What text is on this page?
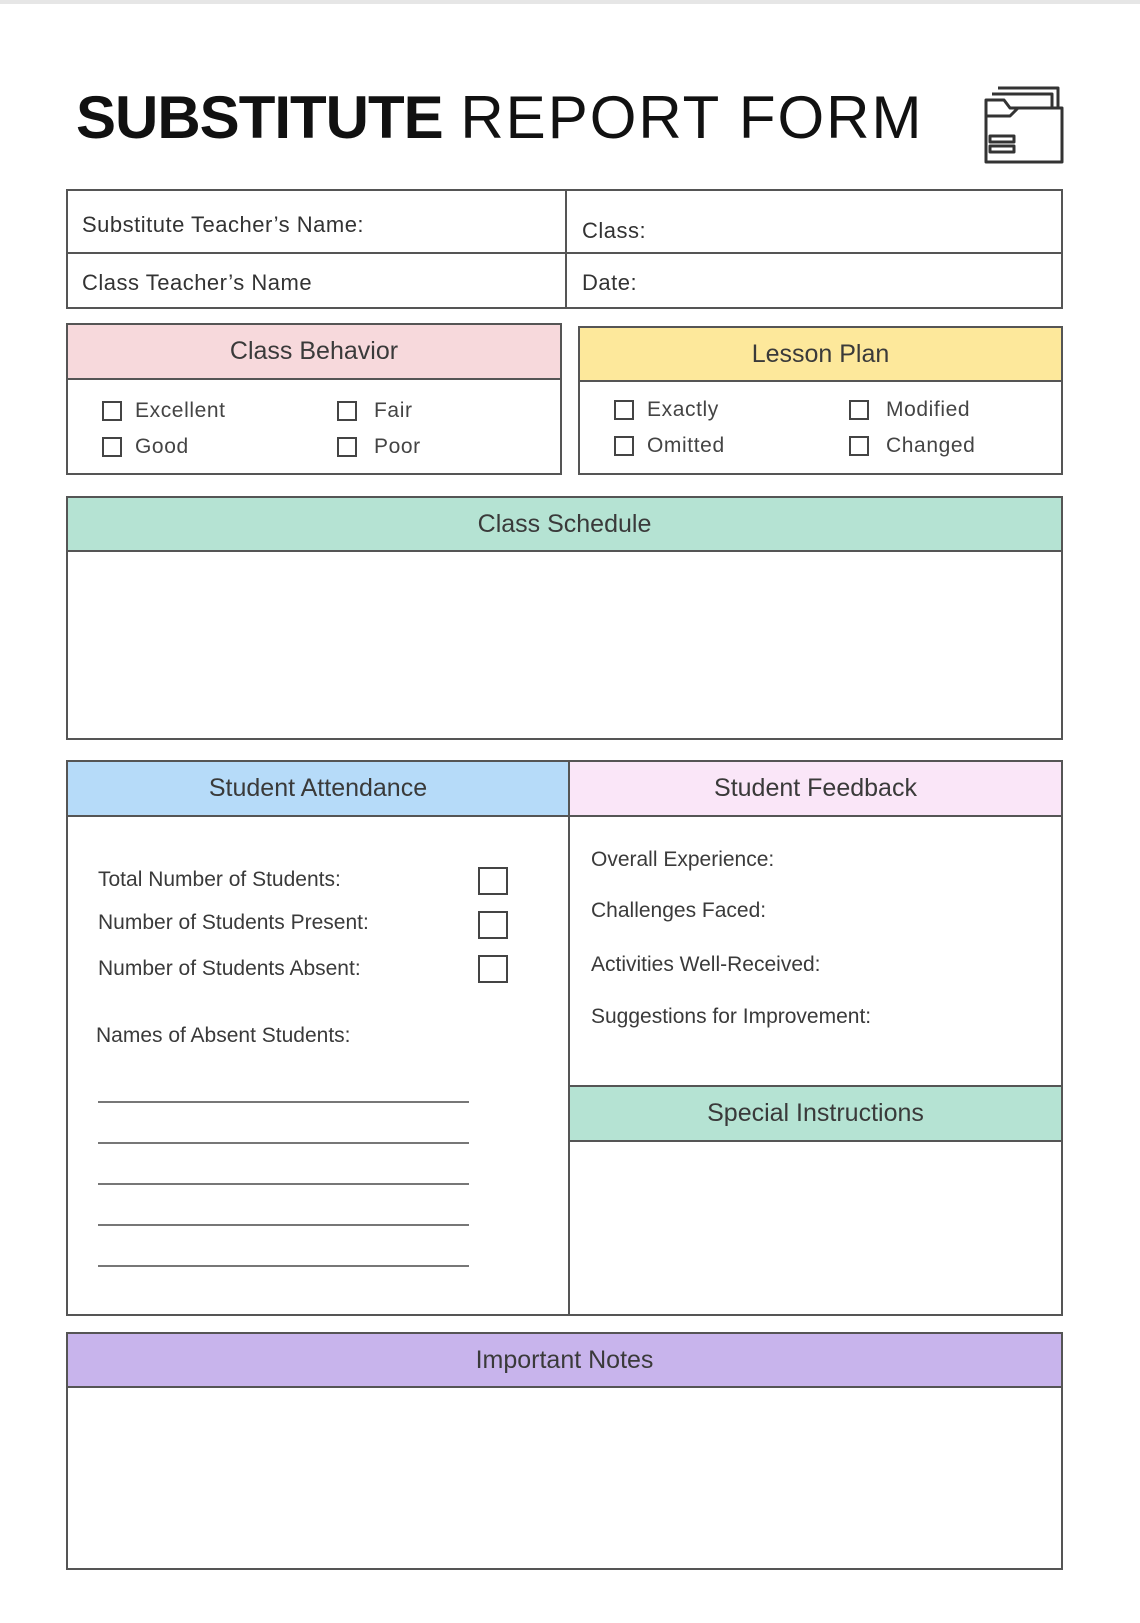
SUBSTITUTE REPORT FORM
Substitute Teacher’s Name:	Class:
Class Teacher’s Name	Date:
Class Behavior
Excellent	Fair
Good	Poor
Lesson Plan
Exactly	Modified
Omitted	Changed
Class Schedule
Student Attendance	Student Feedback
Total Number of Students:
Number of Students Present:
Number of Students Absent:
Names of Absent Students:
Overall Experience:
Challenges Faced:
Activities Well-Received:
Suggestions for Improvement:
Special Instructions
Important Notes
